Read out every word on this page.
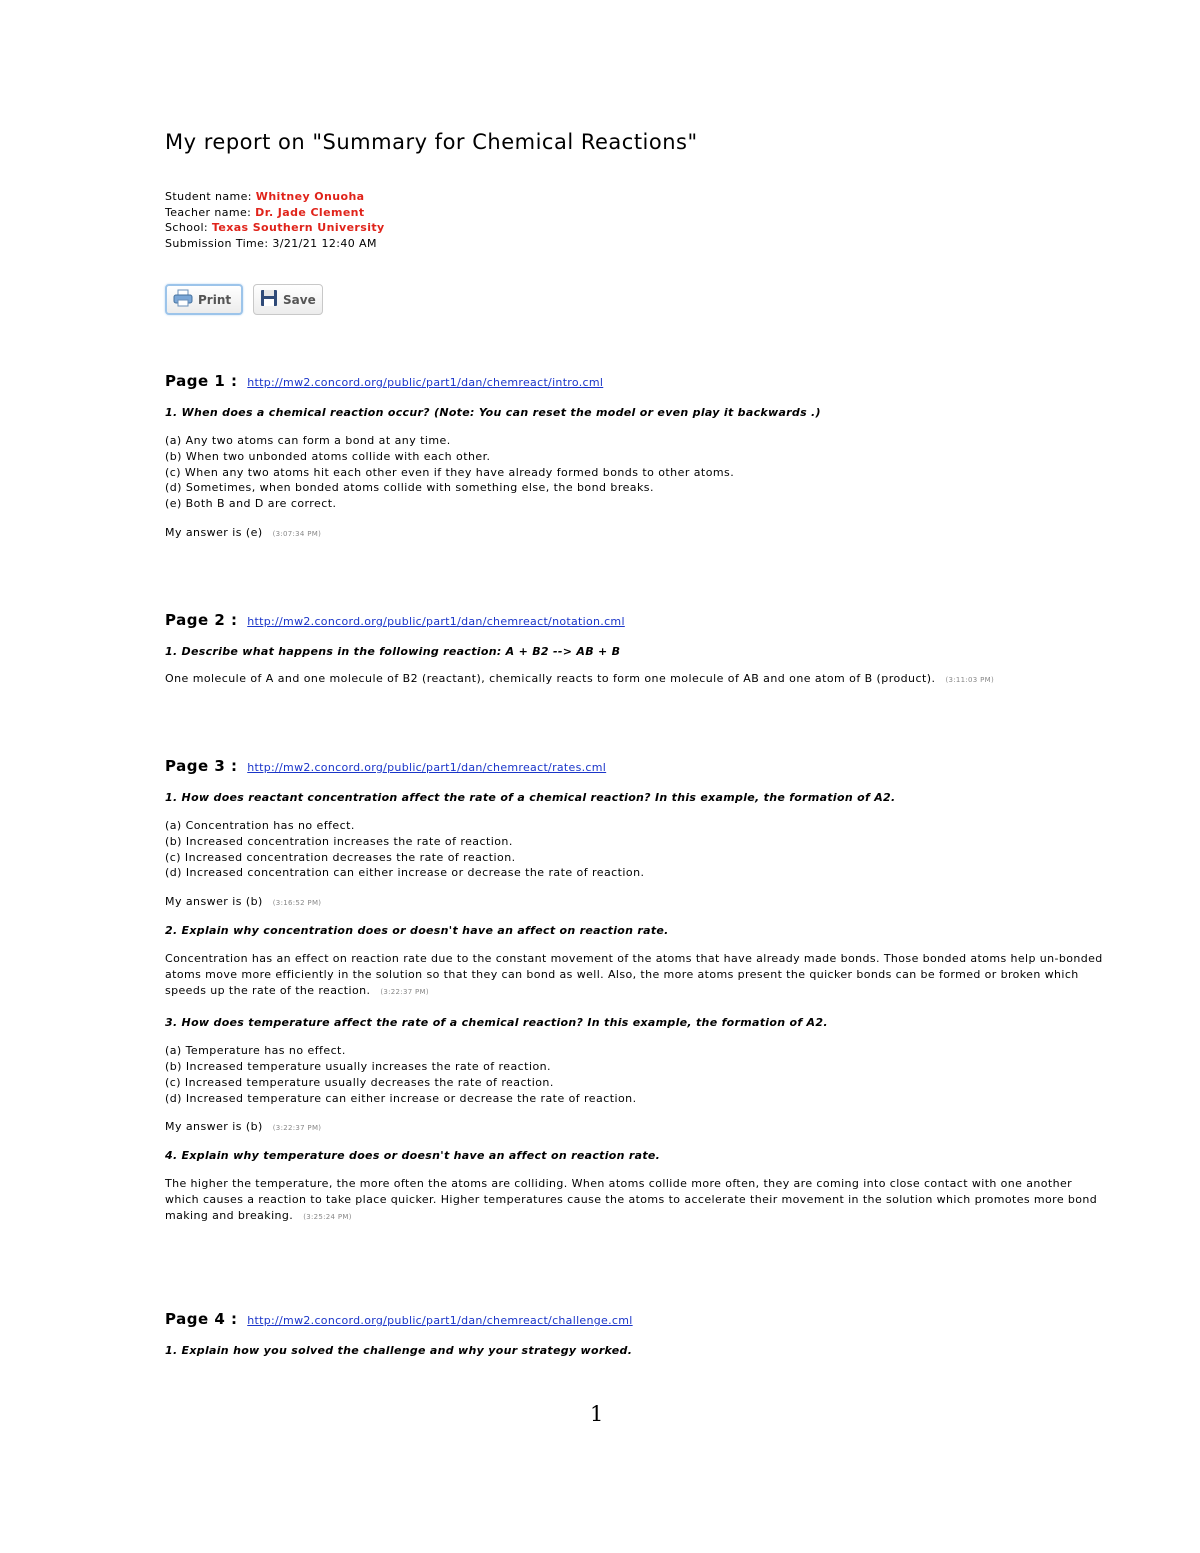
My report on "Summary for Chemical Reactions"
Student name: Whitney Onuoha
Teacher name: Dr. Jade Clement
School: Texas Southern University
Submission Time: 3/21/21 12:40 AM
Print	Save
Page 1 : http://mw2.concord.org/public/part1/dan/chemreact/intro.cml
1. When does a chemical reaction occur? (Note: You can reset the model or even play it backwards .)
(a) Any two atoms can form a bond at any time.
(b) When two unbonded atoms collide with each other.
(c) When any two atoms hit each other even if they have already formed bonds to other atoms.
(d) Sometimes, when bonded atoms collide with something else, the bond breaks.
(e) Both B and D are correct.
My answer is (e) (3:07:34 PM)
Page 2 : http://mw2.concord.org/public/part1/dan/chemreact/notation.cml
1. Describe what happens in the following reaction: A + B2 --> AB + B
One molecule of A and one molecule of B2 (reactant), chemically reacts to form one molecule of AB and one atom of B (product). (3:11:03 PM)
Page 3 : http://mw2.concord.org/public/part1/dan/chemreact/rates.cml
1. How does reactant concentration affect the rate of a chemical reaction? In this example, the formation of A2.
(a) Concentration has no effect.
(b) Increased concentration increases the rate of reaction.
(c) Increased concentration decreases the rate of reaction.
(d) Increased concentration can either increase or decrease the rate of reaction.
My answer is (b) (3:16:52 PM)
2. Explain why concentration does or doesn't have an affect on reaction rate.
Concentration has an effect on reaction rate due to the constant movement of the atoms that have already made bonds. Those bonded atoms help un-bonded atoms move more efficiently in the solution so that they can bond as well. Also, the more atoms present the quicker bonds can be formed or broken which speeds up the rate of the reaction. (3:22:37 PM)
3. How does temperature affect the rate of a chemical reaction? In this example, the formation of A2.
(a) Temperature has no effect.
(b) Increased temperature usually increases the rate of reaction.
(c) Increased temperature usually decreases the rate of reaction.
(d) Increased temperature can either increase or decrease the rate of reaction.
My answer is (b) (3:22:37 PM)
4. Explain why temperature does or doesn't have an affect on reaction rate.
The higher the temperature, the more often the atoms are colliding. When atoms collide more often, they are coming into close contact with one another which causes a reaction to take place quicker. Higher temperatures cause the atoms to accelerate their movement in the solution which promotes more bond making and breaking. (3:25:24 PM)
Page 4 : http://mw2.concord.org/public/part1/dan/chemreact/challenge.cml
1. Explain how you solved the challenge and why your strategy worked.
1
